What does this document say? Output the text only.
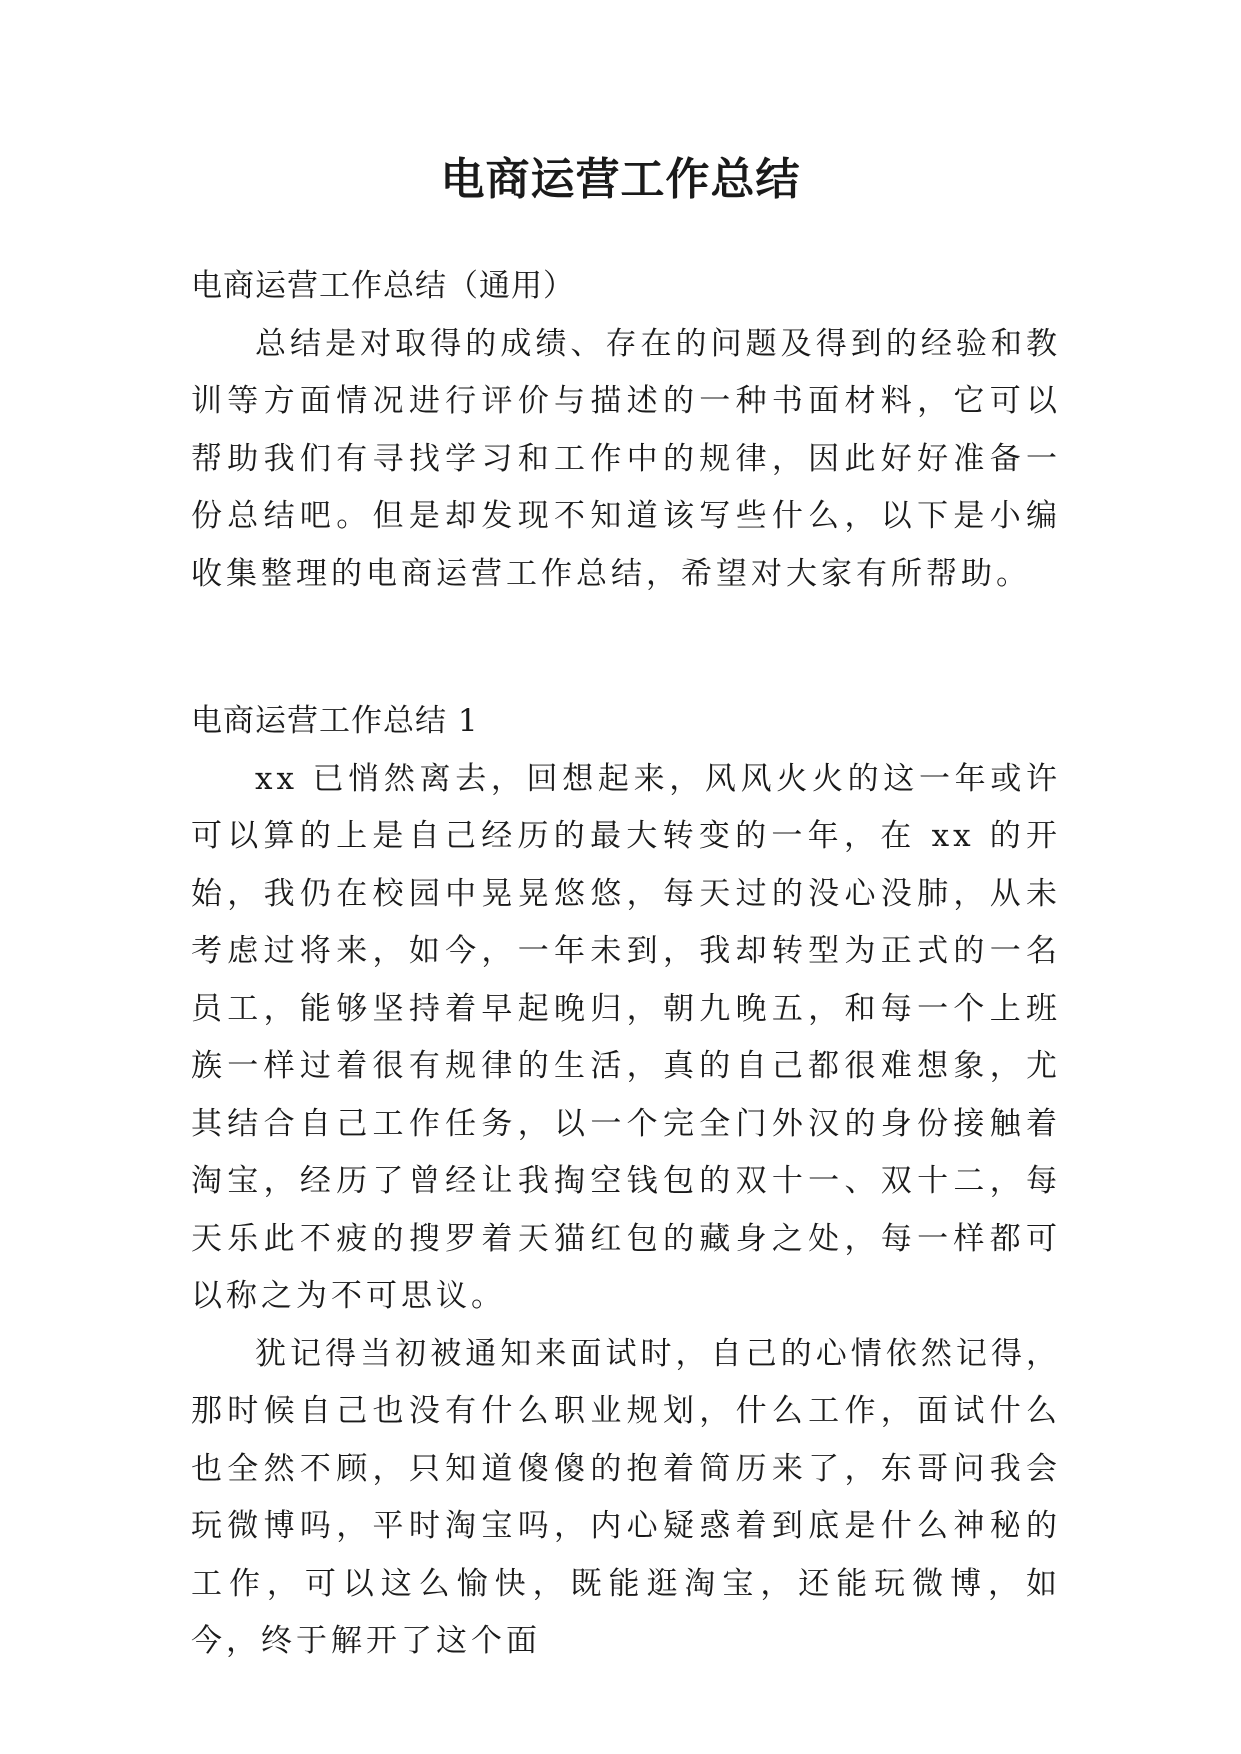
电商运营工作总结

电商运营工作总结（通用）

总结是对取得的成绩、存在的问题及得到的经验和教训等方面情况进行评价与描述的一种书面材料，它可以帮助我们有寻找学习和工作中的规律，因此好好准备一份总结吧。但是却发现不知道该写些什么，以下是小编收集整理的电商运营工作总结，希望对大家有所帮助。

电商运营工作总结 1

xx 已悄然离去，回想起来，风风火火的这一年或许可以算的上是自己经历的最大转变的一年，在 xx 的开始，我仍在校园中晃晃悠悠，每天过的没心没肺，从未考虑过将来，如今，一年未到，我却转型为正式的一名员工，能够坚持着早起晚归，朝九晚五，和每一个上班族一样过着很有规律的生活，真的自己都很难想象，尤其结合自己工作任务，以一个完全门外汉的身份接触着淘宝，经历了曾经让我掏空钱包的双十一、双十二，每天乐此不疲的搜罗着天猫红包的藏身之处，每一样都可以称之为不可思议。

犹记得当初被通知来面试时，自己的心情依然记得，那时候自己也没有什么职业规划，什么工作，面试什么也全然不顾，只知道傻傻的抱着简历来了，东哥问我会玩微博吗，平时淘宝吗，内心疑惑着到底是什么神秘的工作，可以这么愉快，既能逛淘宝，还能玩微博，如今，终于解开了这个面
